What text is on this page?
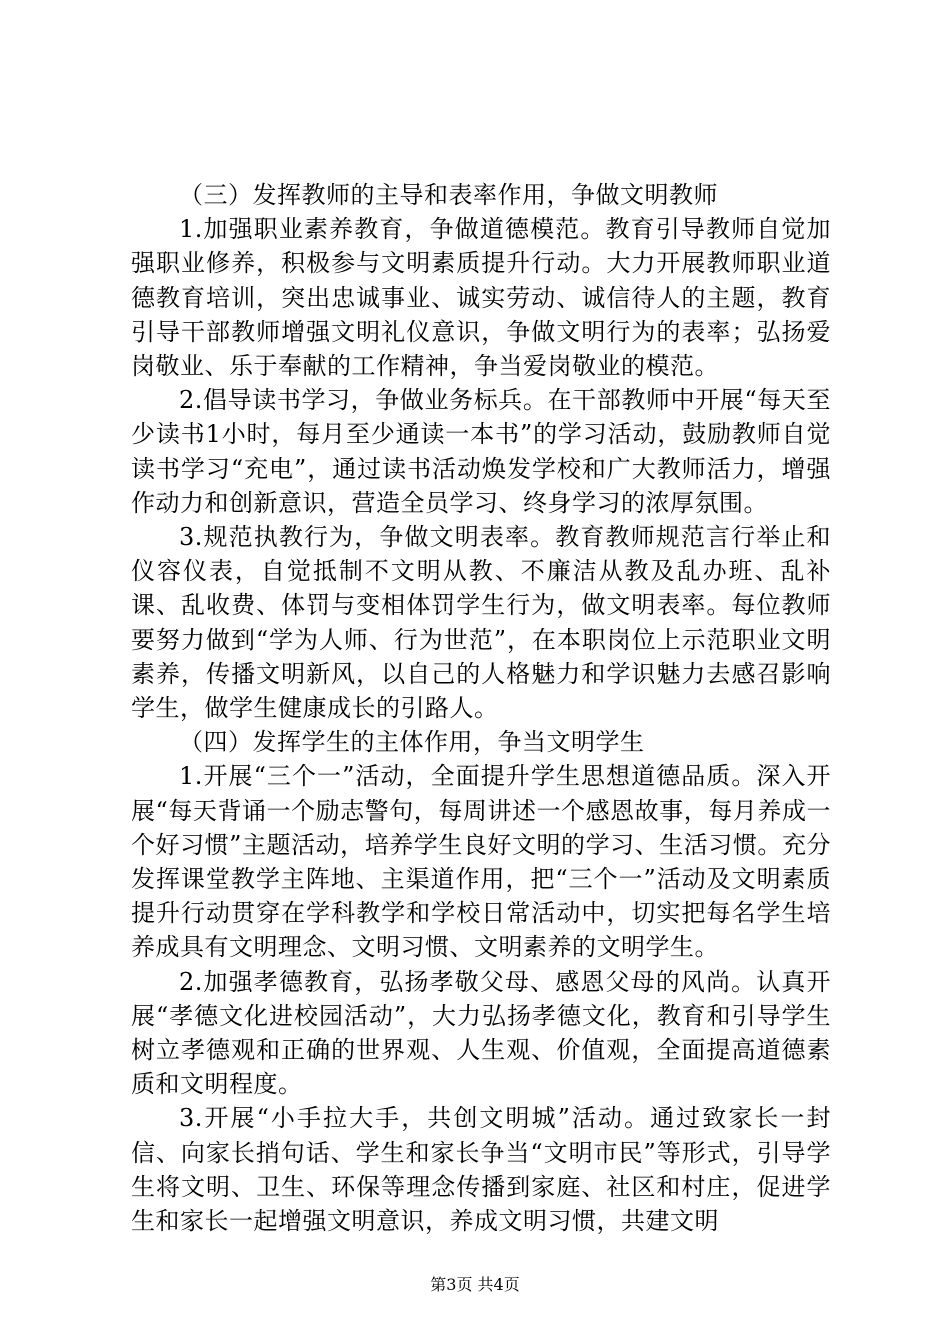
（三）发挥教师的主导和表率作用，争做文明教师

1.加强职业素养教育，争做道德模范。教育引导教师自觉加强职业修养，积极参与文明素质提升行动。大力开展教师职业道德教育培训，突出忠诚事业、诚实劳动、诚信待人的主题，教育引导干部教师增强文明礼仪意识，争做文明行为的表率；弘扬爱岗敬业、乐于奉献的工作精神，争当爱岗敬业的模范。

2.倡导读书学习，争做业务标兵。在干部教师中开展“每天至少读书1小时，每月至少通读一本书”的学习活动，鼓励教师自觉读书学习“充电”，通过读书活动焕发学校和广大教师活力，增强作动力和创新意识，营造全员学习、终身学习的浓厚氛围。

3.规范执教行为，争做文明表率。教育教师规范言行举止和仪容仪表，自觉抵制不文明从教、不廉洁从教及乱办班、乱补课、乱收费、体罚与变相体罚学生行为，做文明表率。每位教师要努力做到“学为人师、行为世范”，在本职岗位上示范职业文明素养，传播文明新风，以自己的人格魅力和学识魅力去感召影响学生，做学生健康成长的引路人。

（四）发挥学生的主体作用，争当文明学生

1.开展“三个一”活动，全面提升学生思想道德品质。深入开展“每天背诵一个励志警句，每周讲述一个感恩故事，每月养成一个好习惯”主题活动，培养学生良好文明的学习、生活习惯。充分发挥课堂教学主阵地、主渠道作用，把“三个一”活动及文明素质提升行动贯穿在学科教学和学校日常活动中，切实把每名学生培养成具有文明理念、文明习惯、文明素养的文明学生。

2.加强孝德教育，弘扬孝敬父母、感恩父母的风尚。认真开展“孝德文化进校园活动”，大力弘扬孝德文化，教育和引导学生树立孝德观和正确的世界观、人生观、价值观，全面提高道德素质和文明程度。

3.开展“小手拉大手，共创文明城”活动。通过致家长一封信、向家长捎句话、学生和家长争当“文明市民”等形式，引导学生将文明、卫生、环保等理念传播到家庭、社区和村庄，促进学生和家长一起增强文明意识，养成文明习惯，共建文明

第3页 共4页
